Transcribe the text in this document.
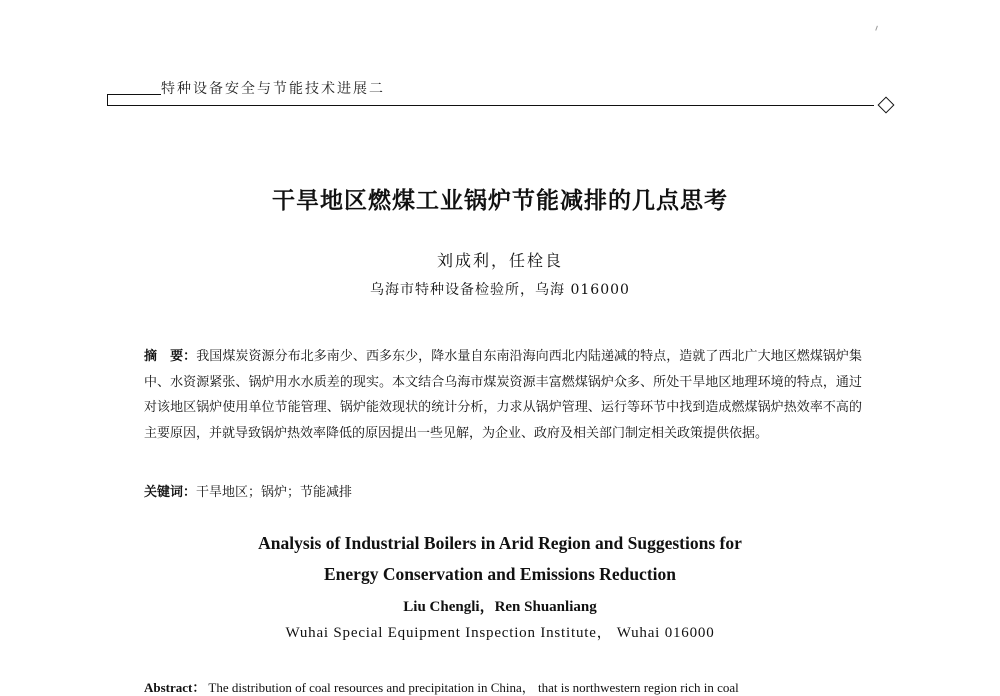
特种设备安全与节能技术进展二
干旱地区燃煤工业锅炉节能减排的几点思考
刘成利，任栓良
乌海市特种设备检验所，乌海 016000
摘　要：我国煤炭资源分布北多南少、西多东少，降水量自东南沿海向西北内陆递减的特点，造就了西北广大地区燃煤锅炉集中、水资源紧张、锅炉用水水质差的现实。本文结合乌海市煤炭资源丰富燃煤锅炉众多、所处干旱地区地理环境的特点，通过对该地区锅炉使用单位节能管理、锅炉能效现状的统计分析，力求从锅炉管理、运行等环节中找到造成燃煤锅炉热效率不高的主要原因，并就导致锅炉热效率降低的原因提出一些见解，为企业、政府及相关部门制定相关政策提供依据。
关键词：干旱地区；锅炉；节能减排
Analysis of Industrial Boilers in Arid Region and Suggestions for
Energy Conservation and Emissions Reduction
Liu Chengli，Ren Shuanliang
Wuhai Special Equipment Inspection Institute， Wuhai 016000
Abstract： The distribution of coal resources and precipitation in China， that is northwestern region rich in coal
